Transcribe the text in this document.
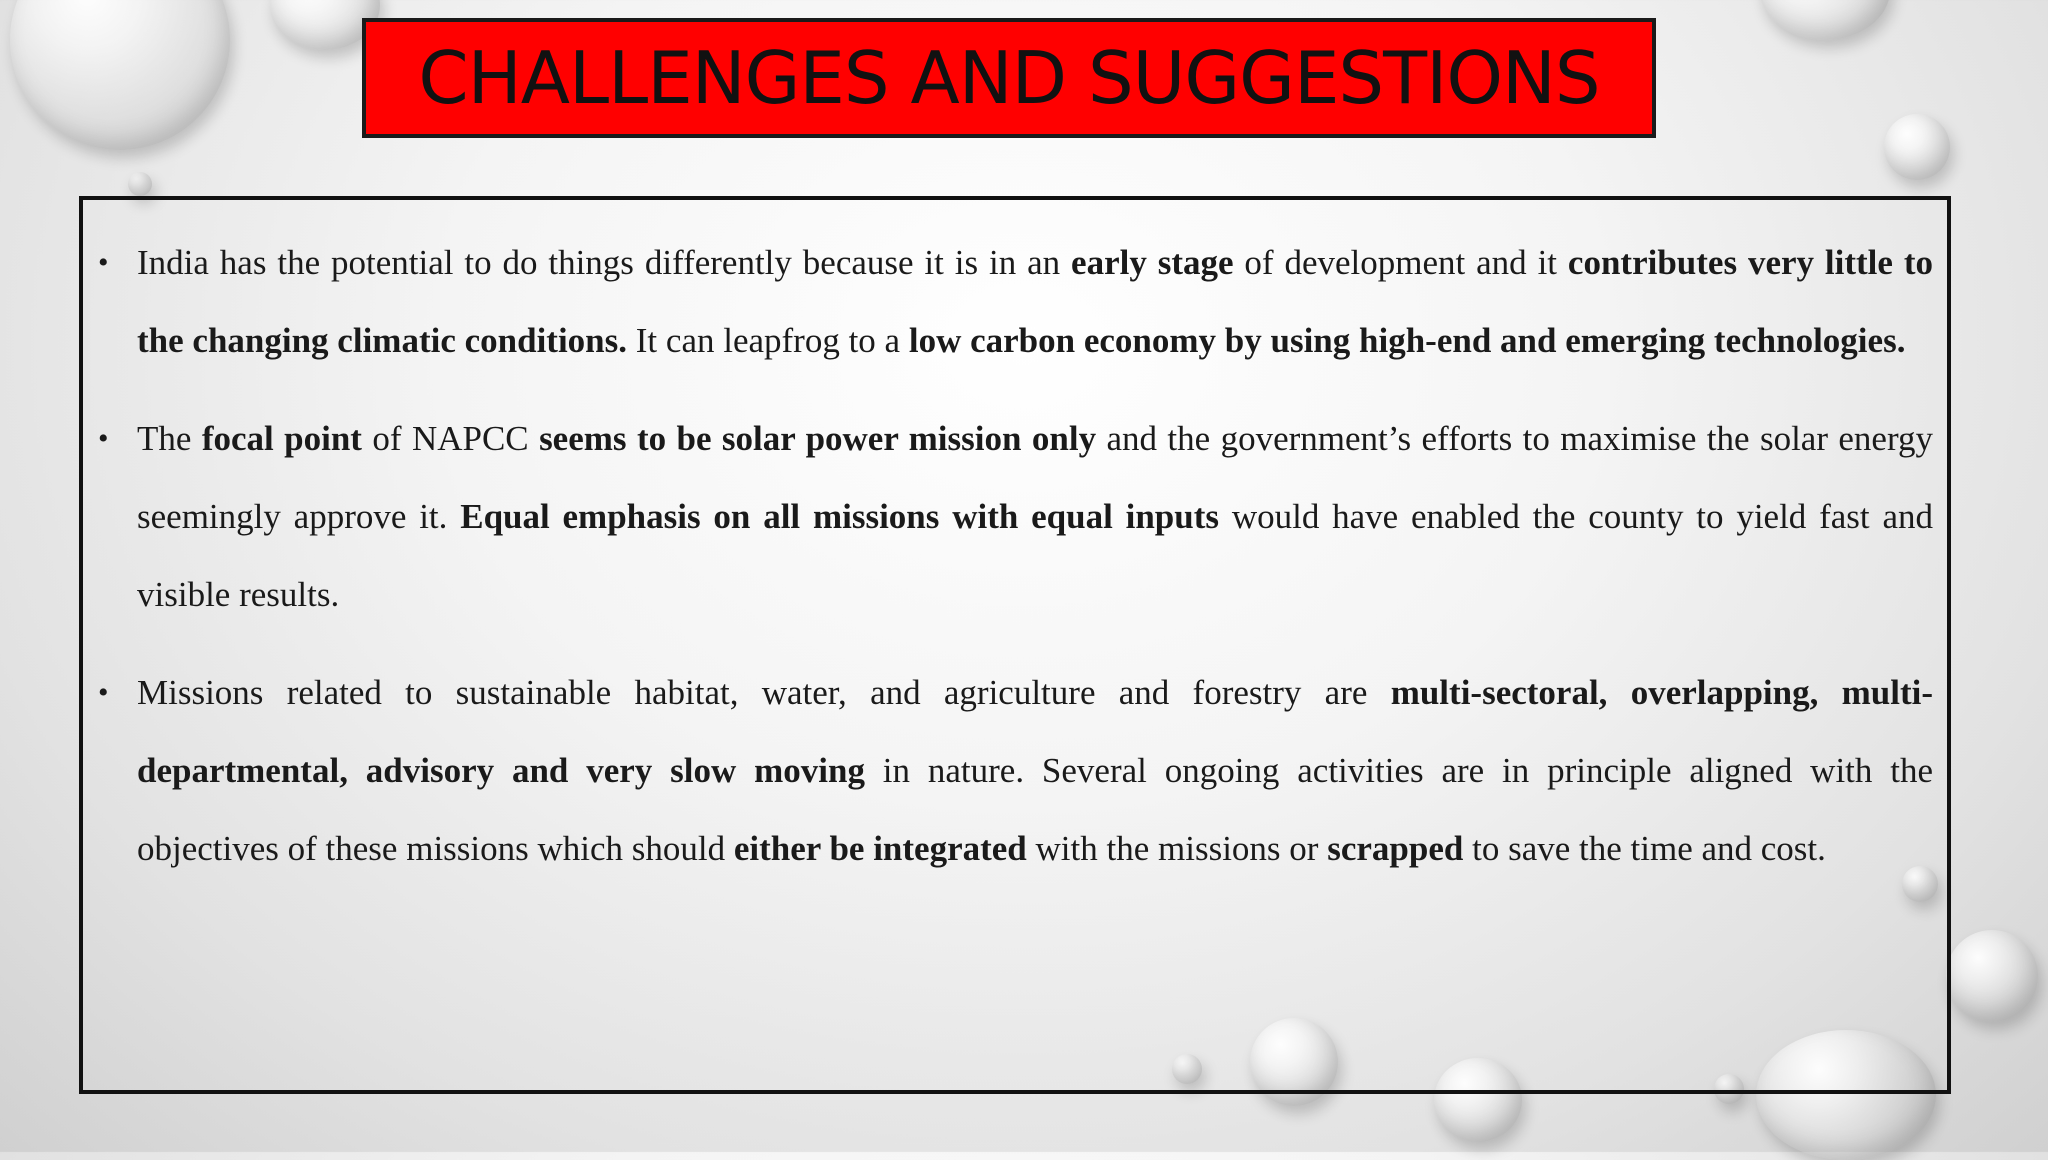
CHALLENGES AND SUGGESTIONS
• India has the potential to do things differently because it is in an early stage of development and it contributes very little to the changing climatic conditions. It can leapfrog to a low carbon economy by using high-end and emerging technologies.
• The focal point of NAPCC seems to be solar power mission only and the government’s efforts to maximise the solar energy seemingly approve it. Equal emphasis on all missions with equal inputs would have enabled the county to yield fast and visible results.
• Missions related to sustainable habitat, water, and agriculture and forestry are multi-sectoral, overlapping, multi-departmental, advisory and very slow moving in nature. Several ongoing activities are in principle aligned with the objectives of these missions which should either be integrated with the missions or scrapped to save the time and cost.
